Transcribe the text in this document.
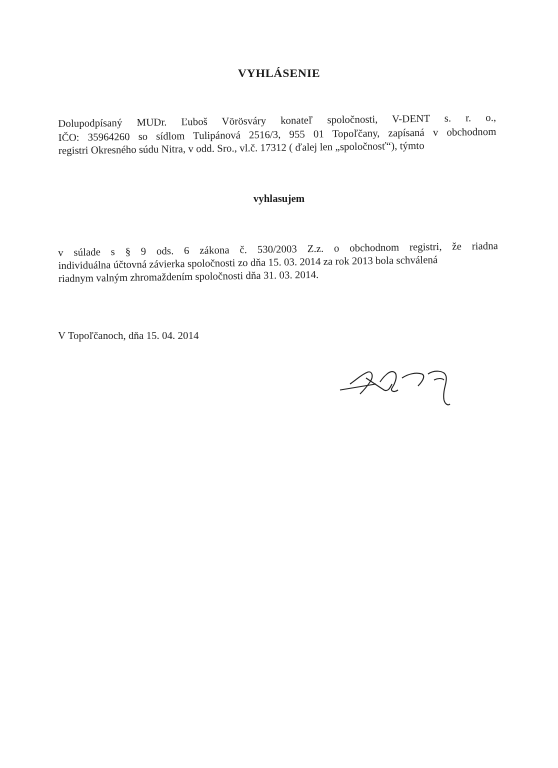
VYHLÁSENIE
Dolupodpísaný MUDr. Ľuboš Vörösváry konateľ spoločnosti, V-DENT s. r. o.,
IČO: 35964260 so sídlom Tulipánová 2516/3, 955 01 Topoľčany, zapísaná v obchodnom
registri Okresného súdu Nitra, v odd. Sro., vl.č. 17312 ( ďalej len „spoločnosť“), týmto
vyhlasujem
v súlade s § 9 ods. 6 zákona č. 530/2003 Z.z. o obchodnom registri, že riadna
individuálna účtovná závierka spoločnosti zo dňa 15. 03. 2014 za rok 2013 bola schválená
riadnym valným zhromaždením spoločnosti dňa 31. 03. 2014.
V Topoľčanoch, dňa 15. 04. 2014
